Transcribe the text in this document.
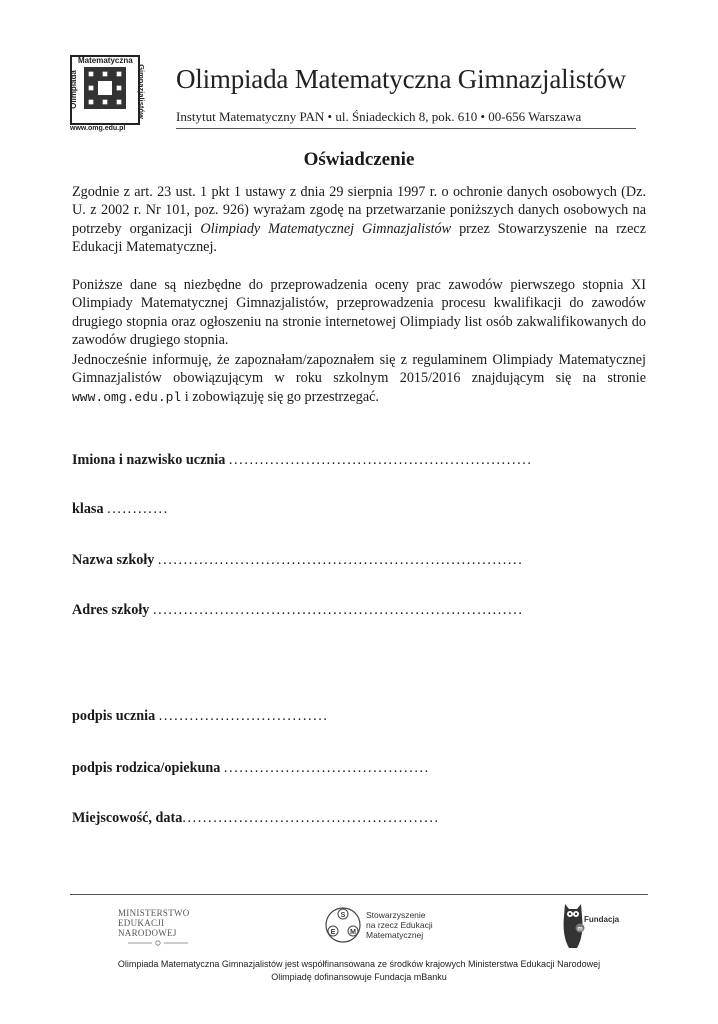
Matematyczna
Olimpiada	Gimnazjalistów
www.omg.edu.pl
Olimpiada Matematyczna Gimnazjalistów
Instytut Matematyczny PAN • ul. Śniadeckich 8, pok. 610 • 00-656 Warszawa
Oświadczenie

Zgodnie z art. 23 ust. 1 pkt 1 ustawy z dnia 29 sierpnia 1997 r. o ochronie danych osobowych (Dz. U. z 2002 r. Nr 101, poz. 926) wyrażam zgodę na przetwarzanie poniższych danych osobowych na potrzeby organizacji Olimpiady Matematycznej Gimnazjalistów przez Stowarzyszenie na rzecz Edukacji Matematycznej.

Poniższe dane są niezbędne do przeprowadzenia oceny prac zawodów pierwszego stopnia XI Olimpiady Matematycznej Gimnazjalistów, przeprowadzenia procesu kwalifikacji do zawodów drugiego stopnia oraz ogłoszeniu na stronie internetowej Olimpiady list osób zakwalifikowanych do zawodów drugiego stopnia.

Jednocześnie informuję, że zapoznałam/zapoznałem się z regulaminem Olimpiady Matematycznej Gimnazjalistów obowiązującym w roku szkolnym 2015/2016 znajdującym się na stronie www.omg.edu.pl i zobowiązuję się go przestrzegać.

Imiona i nazwisko ucznia ...........................................................
klasa ............
Nazwa szkoły .......................................................................
Adres szkoły ........................................................................
podpis ucznia .................................
podpis rodzica/opiekuna ........................................
Miejscowość, data..................................................
MINISTERSTWO
EDUKACJI
NARODOWEJ
S
E M
Stowarzyszenie
na rzecz Edukacji
Matematycznej
m
Fundacja
Olimpiada Matematyczna Gimnazjalistów jest współfinansowana ze środków krajowych Ministerstwa Edukacji Narodowej
Olimpiadę dofinansowuje Fundacja mBanku
